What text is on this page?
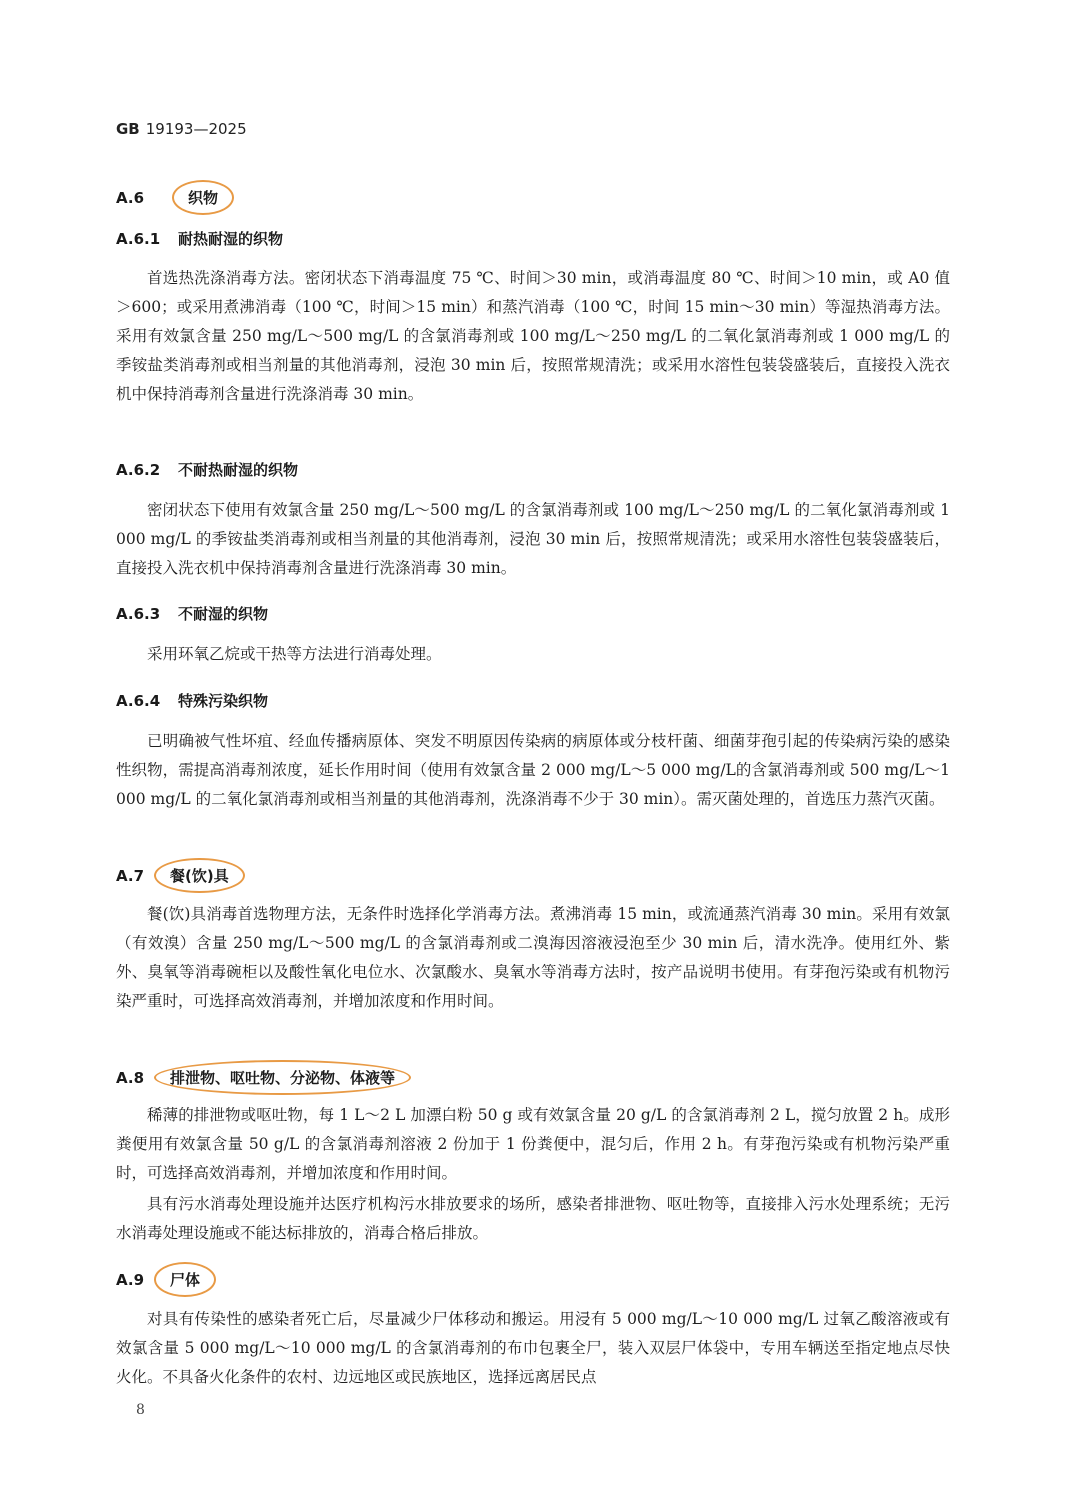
GB 19193—2025
A.6	织物
A.6.1 耐热耐湿的织物

首选热洗涤消毒方法。密闭状态下消毒温度 75 ℃、时间＞30 min，或消毒温度 80 ℃、时间＞10 min，或 A0 值＞600；或采用煮沸消毒（100 ℃，时间＞15 min）和蒸汽消毒（100 ℃，时间 15 min～30 min）等湿热消毒方法。采用有效氯含量 250 mg/L～500 mg/L 的含氯消毒剂或 100 mg/L～250 mg/L 的二氧化氯消毒剂或 1 000 mg/L 的季铵盐类消毒剂或相当剂量的其他消毒剂，浸泡 30 min 后，按照常规清洗；或采用水溶性包装袋盛装后，直接投入洗衣机中保持消毒剂含量进行洗涤消毒 30 min。

A.6.2 不耐热耐湿的织物

密闭状态下使用有效氯含量 250 mg/L～500 mg/L 的含氯消毒剂或 100 mg/L～250 mg/L 的二氧化氯消毒剂或 1 000 mg/L 的季铵盐类消毒剂或相当剂量的其他消毒剂，浸泡 30 min 后，按照常规清洗；或采用水溶性包装袋盛装后，直接投入洗衣机中保持消毒剂含量进行洗涤消毒 30 min。

A.6.3 不耐湿的织物

采用环氧乙烷或干热等方法进行消毒处理。

A.6.4 特殊污染织物

已明确被气性坏疽、经血传播病原体、突发不明原因传染病的病原体或分枝杆菌、细菌芽孢引起的传染病污染的感染性织物，需提高消毒剂浓度，延长作用时间（使用有效氯含量 2 000 mg/L～5 000 mg/L的含氯消毒剂或 500 mg/L～1 000 mg/L 的二氧化氯消毒剂或相当剂量的其他消毒剂，洗涤消毒不少于 30 min）。需灭菌处理的，首选压力蒸汽灭菌。

A.7 餐(饮)具

餐(饮)具消毒首选物理方法，无条件时选择化学消毒方法。煮沸消毒 15 min，或流通蒸汽消毒 30 min。采用有效氯（有效溴）含量 250 mg/L～500 mg/L 的含氯消毒剂或二溴海因溶液浸泡至少 30 min 后，清水洗净。使用红外、紫外、臭氧等消毒碗柜以及酸性氧化电位水、次氯酸水、臭氧水等消毒方法时，按产品说明书使用。有芽孢污染或有机物污染严重时，可选择高效消毒剂，并增加浓度和作用时间。

A.8 排泄物、呕吐物、分泌物、体液等

稀薄的排泄物或呕吐物，每 1 L～2 L 加漂白粉 50 g 或有效氯含量 20 g/L 的含氯消毒剂 2 L，搅匀放置 2 h。成形粪便用有效氯含量 50 g/L 的含氯消毒剂溶液 2 份加于 1 份粪便中，混匀后，作用 2 h。有芽孢污染或有机物污染严重时，可选择高效消毒剂，并增加浓度和作用时间。

具有污水消毒处理设施并达医疗机构污水排放要求的场所，感染者排泄物、呕吐物等，直接排入污水处理系统；无污水消毒处理设施或不能达标排放的，消毒合格后排放。

A.9 尸体

对具有传染性的感染者死亡后，尽量减少尸体移动和搬运。用浸有 5 000 mg/L～10 000 mg/L 过氧乙酸溶液或有效氯含量 5 000 mg/L～10 000 mg/L 的含氯消毒剂的布巾包裹全尸，装入双层尸体袋中，专用车辆送至指定地点尽快火化。不具备火化条件的农村、边远地区或民族地区，选择远离居民点

8
